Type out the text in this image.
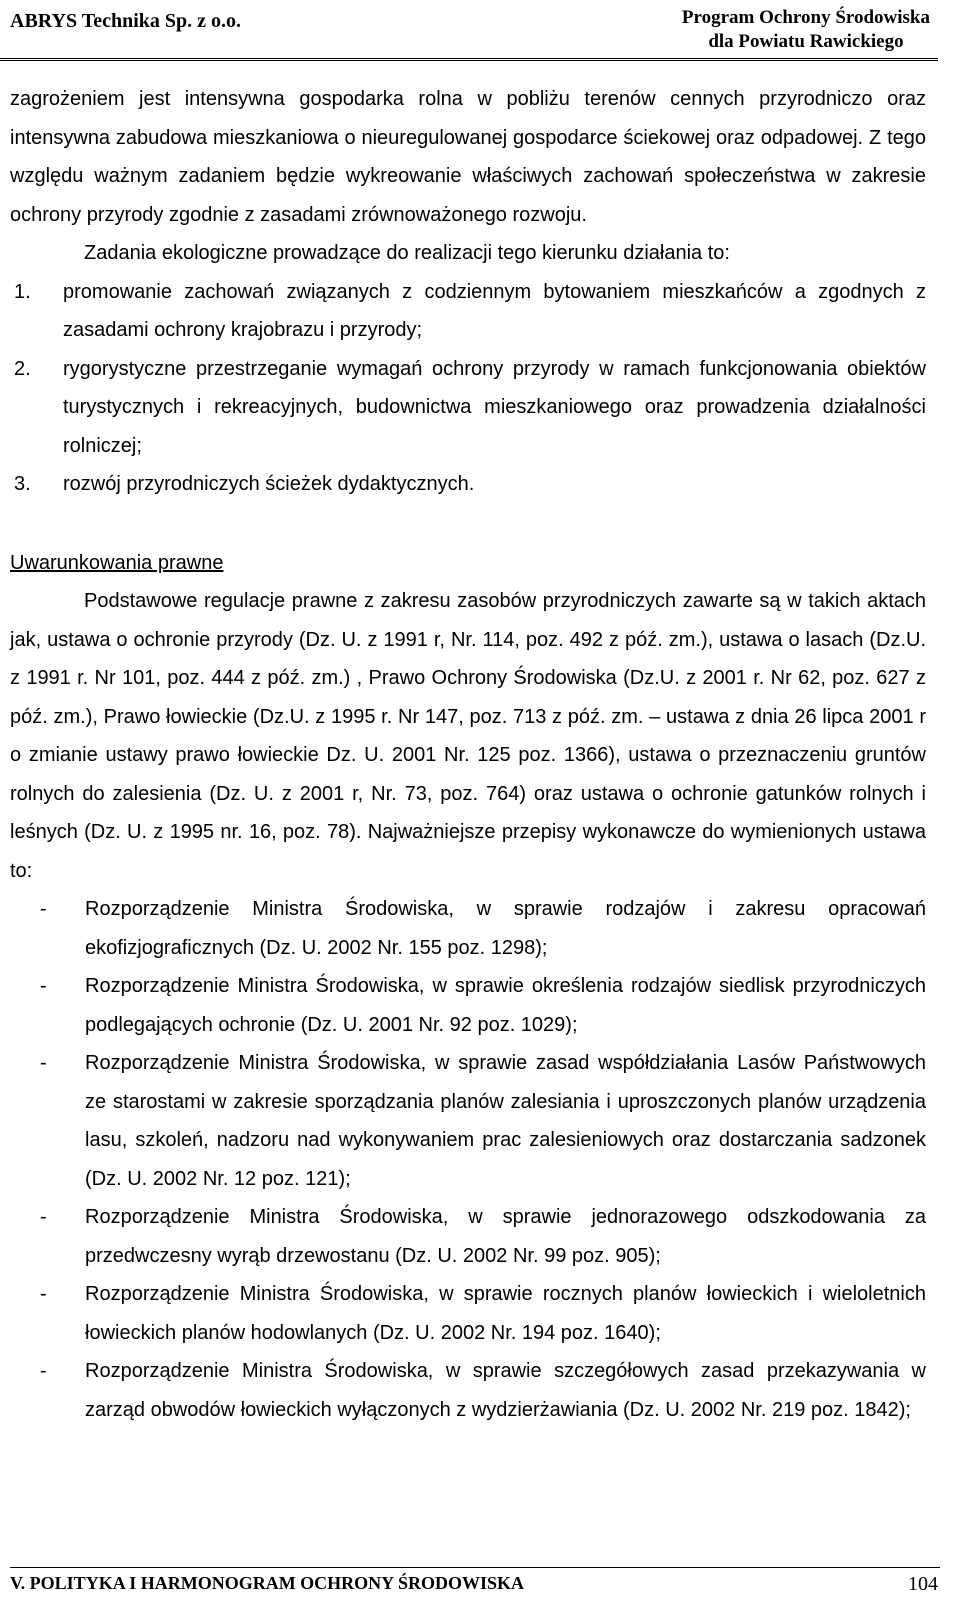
ABRYS Technika Sp. z o.o.	Program Ochrony Środowiska
dla Powiatu Rawickiego

zagrożeniem jest intensywna gospodarka rolna w pobliżu terenów cennych przyrodniczo oraz intensywna zabudowa mieszkaniowa o nieuregulowanej gospodarce ściekowej oraz odpadowej. Z tego względu ważnym zadaniem będzie wykreowanie właściwych zachowań społeczeństwa w zakresie ochrony przyrody zgodnie z zasadami zrównoważonego rozwoju.

Zadania ekologiczne prowadzące do realizacji tego kierunku działania to:

1. promowanie zachowań związanych z codziennym bytowaniem mieszkańców a zgodnych z zasadami ochrony krajobrazu i przyrody;
2. rygorystyczne przestrzeganie wymagań ochrony przyrody w ramach funkcjonowania obiektów turystycznych i rekreacyjnych, budownictwa mieszkaniowego oraz prowadzenia działalności rolniczej;
3. rozwój przyrodniczych ścieżek dydaktycznych.

Uwarunkowania prawne

Podstawowe regulacje prawne z zakresu zasobów przyrodniczych zawarte są w takich aktach jak, ustawa o ochronie przyrody (Dz. U. z 1991 r, Nr. 114, poz. 492 z póź. zm.), ustawa o lasach (Dz.U. z 1991 r. Nr 101, poz. 444 z póź. zm.) , Prawo Ochrony Środowiska (Dz.U. z 2001 r. Nr 62, poz. 627 z póź. zm.), Prawo łowieckie (Dz.U. z 1995 r. Nr 147, poz. 713 z póź. zm. – ustawa z dnia 26 lipca 2001 r o zmianie ustawy prawo łowieckie Dz. U. 2001 Nr. 125 poz. 1366), ustawa o przeznaczeniu gruntów rolnych do zalesienia (Dz. U. z 2001 r, Nr. 73, poz. 764) oraz ustawa o ochronie gatunków rolnych i leśnych (Dz. U. z 1995 nr. 16, poz. 78). Najważniejsze przepisy wykonawcze do wymienionych ustawa to:

- Rozporządzenie Ministra Środowiska, w sprawie rodzajów i zakresu opracowań ekofizjograficznych (Dz. U. 2002 Nr. 155 poz. 1298);
- Rozporządzenie Ministra Środowiska, w sprawie określenia rodzajów siedlisk przyrodniczych podlegających ochronie (Dz. U. 2001 Nr. 92 poz. 1029);
- Rozporządzenie Ministra Środowiska, w sprawie zasad współdziałania Lasów Państwowych ze starostami w zakresie sporządzania planów zalesiania i uproszczonych planów urządzenia lasu, szkoleń, nadzoru nad wykonywaniem prac zalesieniowych oraz dostarczania sadzonek (Dz. U. 2002 Nr. 12 poz. 121);
- Rozporządzenie Ministra Środowiska, w sprawie jednorazowego odszkodowania za przedwczesny wyrąb drzewostanu (Dz. U. 2002 Nr. 99 poz. 905);
- Rozporządzenie Ministra Środowiska, w sprawie rocznych planów łowieckich i wieloletnich łowieckich planów hodowlanych (Dz. U. 2002 Nr. 194 poz. 1640);
- Rozporządzenie Ministra Środowiska, w sprawie szczegółowych zasad przekazywania w zarząd obwodów łowieckich wyłączonych z wydzierżawiania (Dz. U. 2002 Nr. 219 poz. 1842);
V. POLITYKA I HARMONOGRAM OCHRONY ŚRODOWISKA	104
